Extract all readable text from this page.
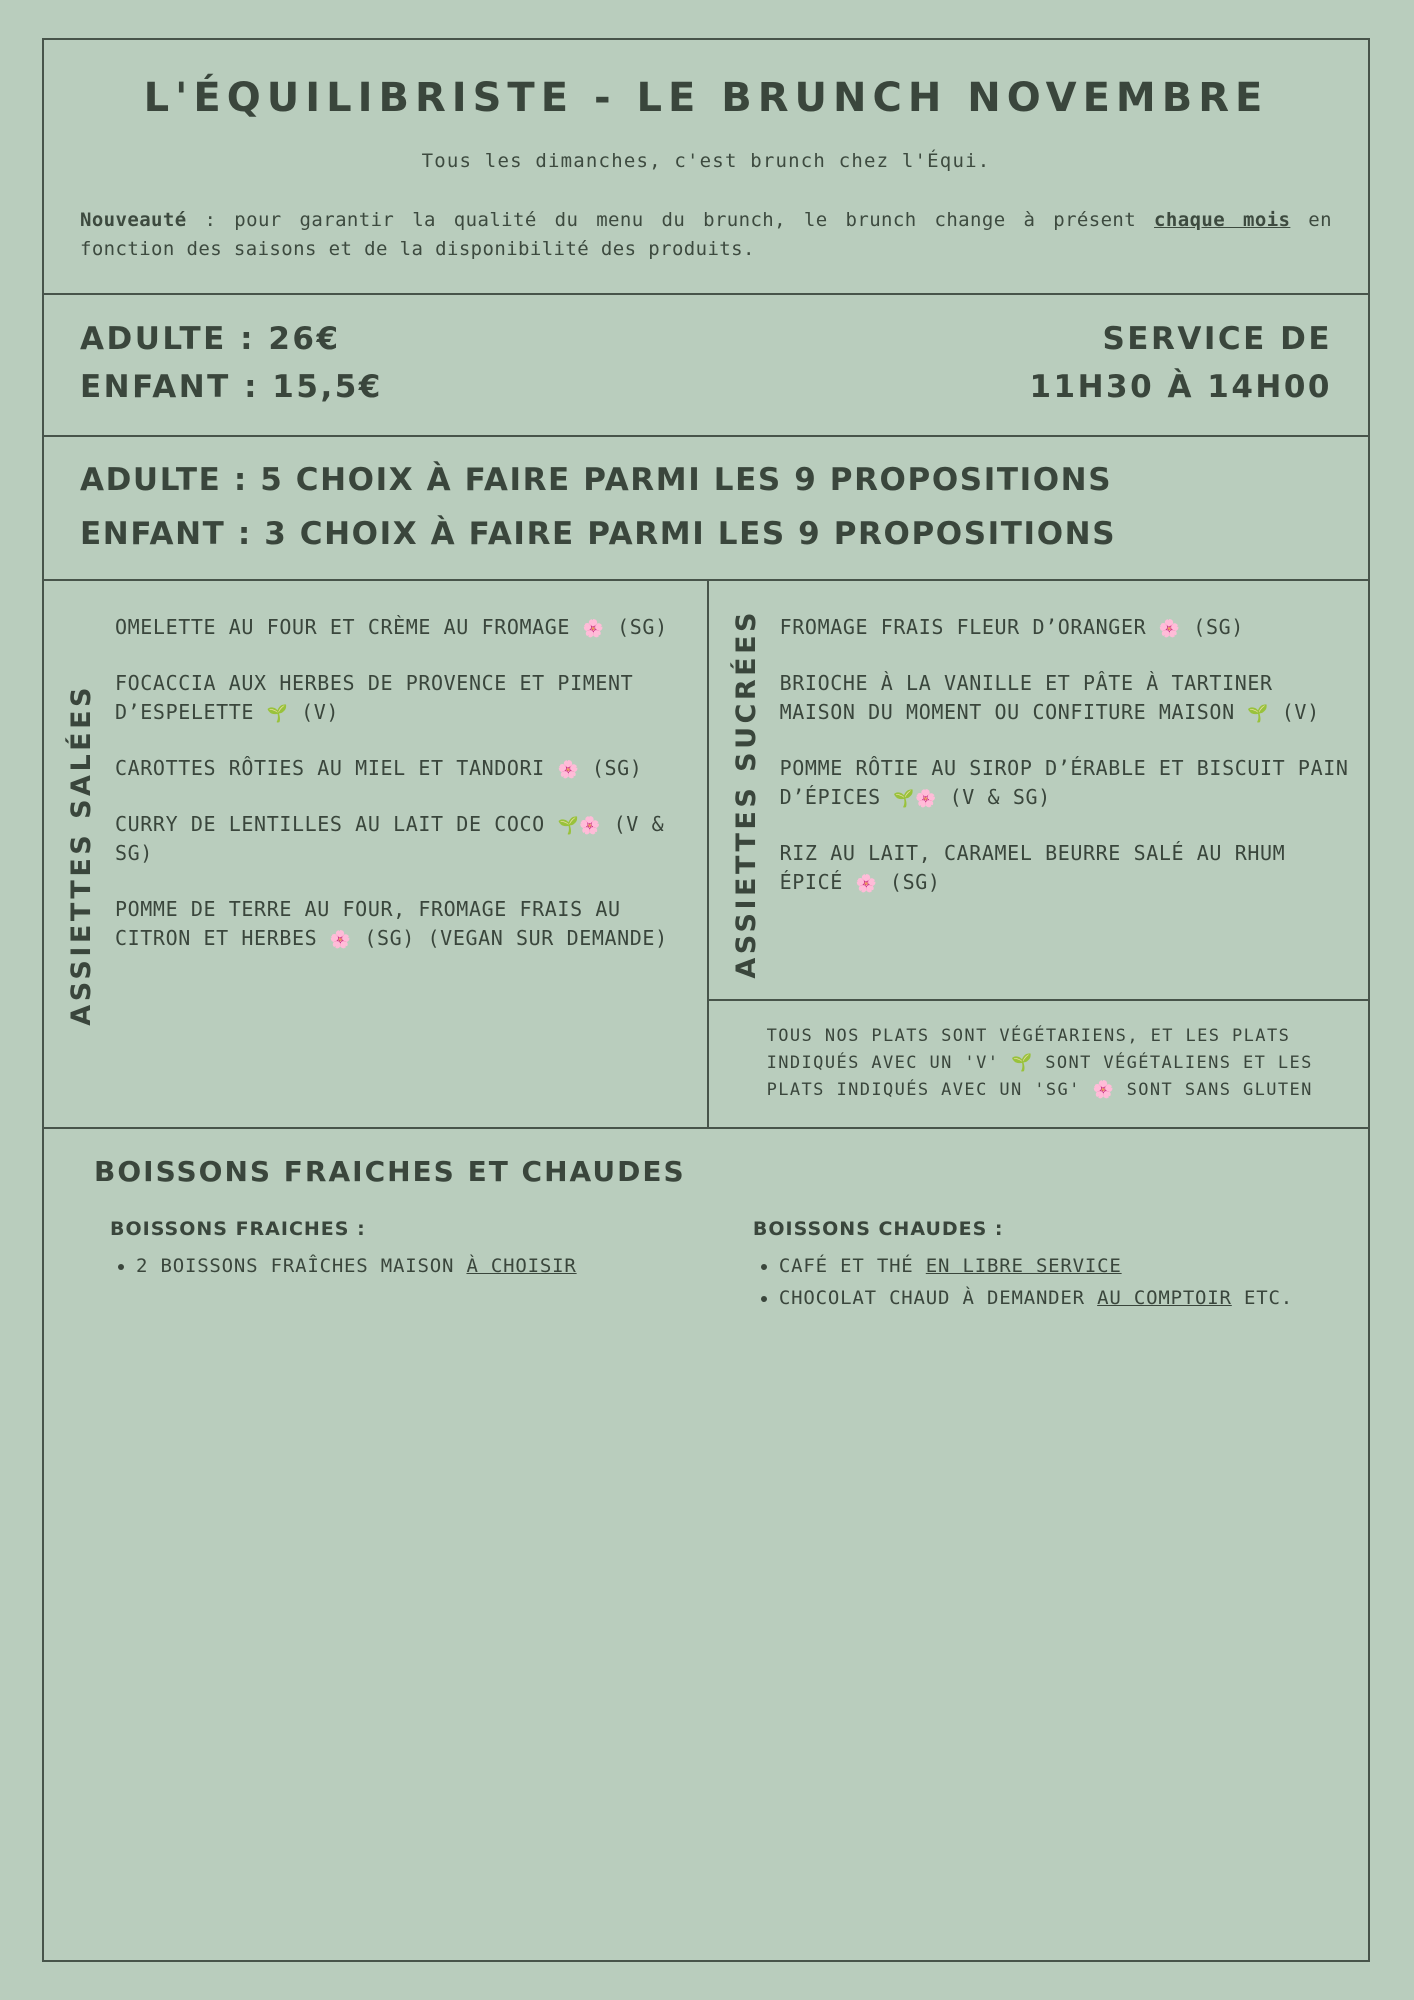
L'ÉQUILIBRISTE - LE BRUNCH NOVEMBRE
Tous les dimanches, c'est brunch chez l'Équi.
Nouveauté : pour garantir la qualité du menu du brunch, le brunch change à présent chaque mois en fonction des saisons et de la disponibilité des produits.
ADULTE : 26€
ENFANT : 15,5€
SERVICE DE
11H30 À 14H00
ADULTE : 5 CHOIX À FAIRE PARMI LES 9 PROPOSITIONS
ENFANT : 3 CHOIX À FAIRE PARMI LES 9 PROPOSITIONS
ASSIETTES SALÉES
OMELETTE AU FOUR ET CRÈME AU FROMAGE 🌸 (SG)
FOCACCIA AUX HERBES DE PROVENCE ET PIMENT D’ESPELETTE 🌱 (V)
CAROTTES RÔTIES AU MIEL ET TANDORI 🌸 (SG)
CURRY DE LENTILLES AU LAIT DE COCO 🌱🌸 (V & SG)
POMME DE TERRE AU FOUR, FROMAGE FRAIS AU CITRON ET HERBES 🌸 (SG) (VEGAN SUR DEMANDE)	ASSIETTES SUCRÉES FROMAGE FRAIS FLEUR D’ORANGER 🌸 (SG)
BRIOCHE À LA VANILLE ET PÂTE À TARTINER MAISON DU MOMENT OU CONFITURE MAISON 🌱 (V)
POMME RÔTIE AU SIROP D’ÉRABLE ET BISCUIT PAIN D’ÉPICES 🌱🌸 (V & SG)
RIZ AU LAIT, CARAMEL BEURRE SALÉ AU RHUM ÉPICÉ 🌸 (SG)
TOUS NOS PLATS SONT VÉGÉTARIENS, ET LES PLATS INDIQUÉS AVEC UN 'V' 🌱 SONT VÉGÉTALIENS ET LES PLATS INDIQUÉS AVEC UN 'SG' 🌸 SONT SANS GLUTEN
BOISSONS FRAICHES ET CHAUDES
BOISSONS FRAICHES :
• 2 BOISSONS FRAÎCHES MAISON À CHOISIR
BOISSONS CHAUDES :
• CAFÉ ET THÉ EN LIBRE SERVICE
• CHOCOLAT CHAUD À DEMANDER AU COMPTOIR ETC.
